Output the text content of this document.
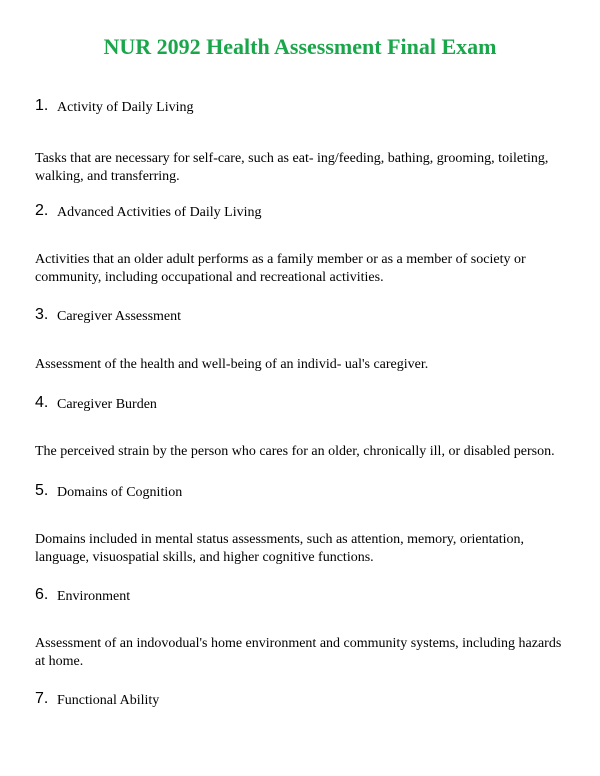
NUR 2092 Health Assessment Final Exam
1. Activity of Daily Living
Tasks that are necessary for self-care, such as eat- ing/feeding, bathing, grooming, toileting, walking, and transferring.
2. Advanced Activities of Daily Living
Activities that an older adult performs as a family member or as a member of society or community, including occupational and recreational activities.
3. Caregiver Assessment
Assessment of the health and well-being of an individ- ual's caregiver.
4. Caregiver Burden
The perceived strain by the person who cares for an older, chronically ill, or disabled person.
5. Domains of Cognition
Domains included in mental status assessments, such as attention, memory, orientation, language, visuospatial skills, and higher cognitive functions.
6. Environment
Assessment of an indovodual's home environment and community systems, including hazards at home.
7. Functional Ability
